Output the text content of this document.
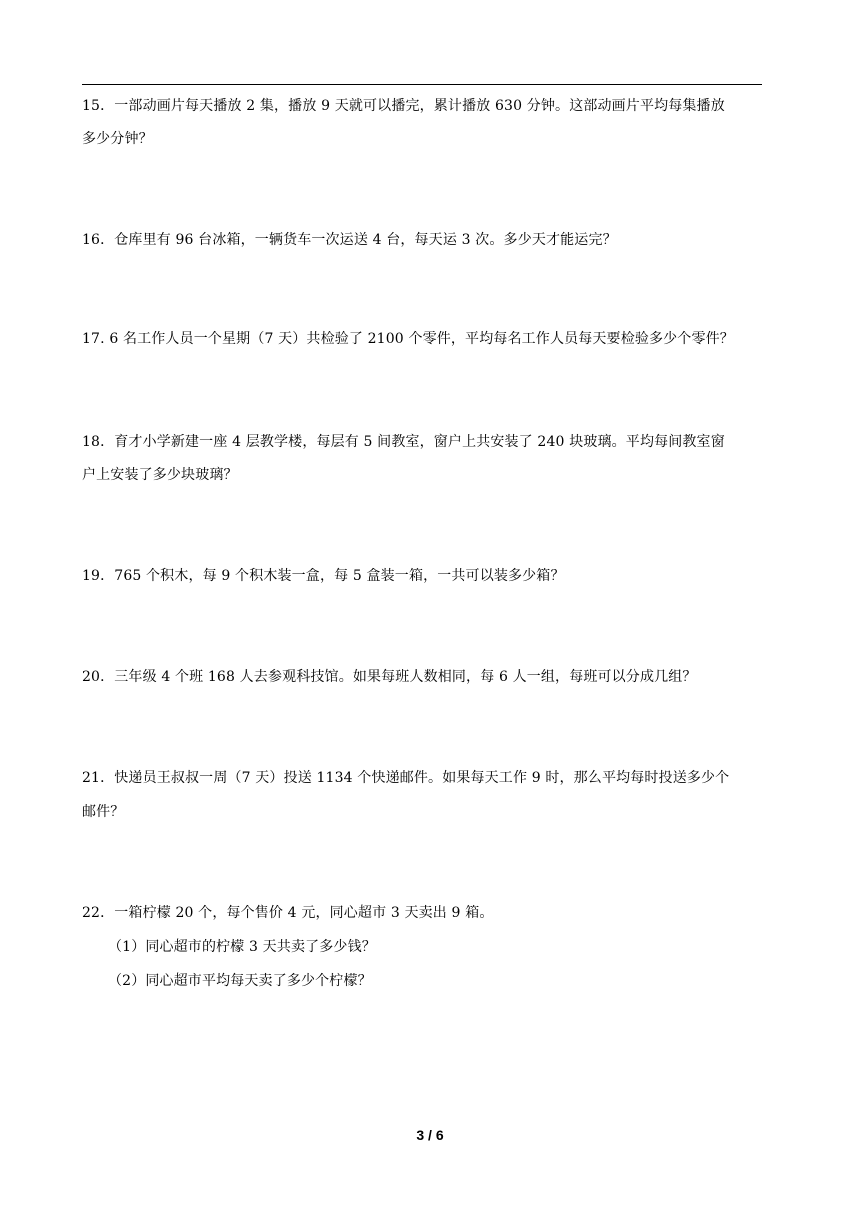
15．一部动画片每天播放 2 集，播放 9 天就可以播完，累计播放 630 分钟。这部动画片平均每集播放
多少分钟？
16．仓库里有 96 台冰箱，一辆货车一次运送 4 台，每天运 3 次。多少天才能运完？
17. 6 名工作人员一个星期（7 天）共检验了 2100 个零件，平均每名工作人员每天要检验多少个零件？
18．育才小学新建一座 4 层教学楼，每层有 5 间教室，窗户上共安装了 240 块玻璃。平均每间教室窗
户上安装了多少块玻璃？
19．765 个积木，每 9 个积木装一盒，每 5 盒装一箱，一共可以装多少箱？
20．三年级 4 个班 168 人去参观科技馆。如果每班人数相同，每 6 人一组，每班可以分成几组？
21．快递员王叔叔一周（7 天）投送 1134 个快递邮件。如果每天工作 9 时，那么平均每时投送多少个
邮件？
22．一箱柠檬 20 个，每个售价 4 元，同心超市 3 天卖出 9 箱。
（1）同心超市的柠檬 3 天共卖了多少钱？
（2）同心超市平均每天卖了多少个柠檬？
3 / 6
